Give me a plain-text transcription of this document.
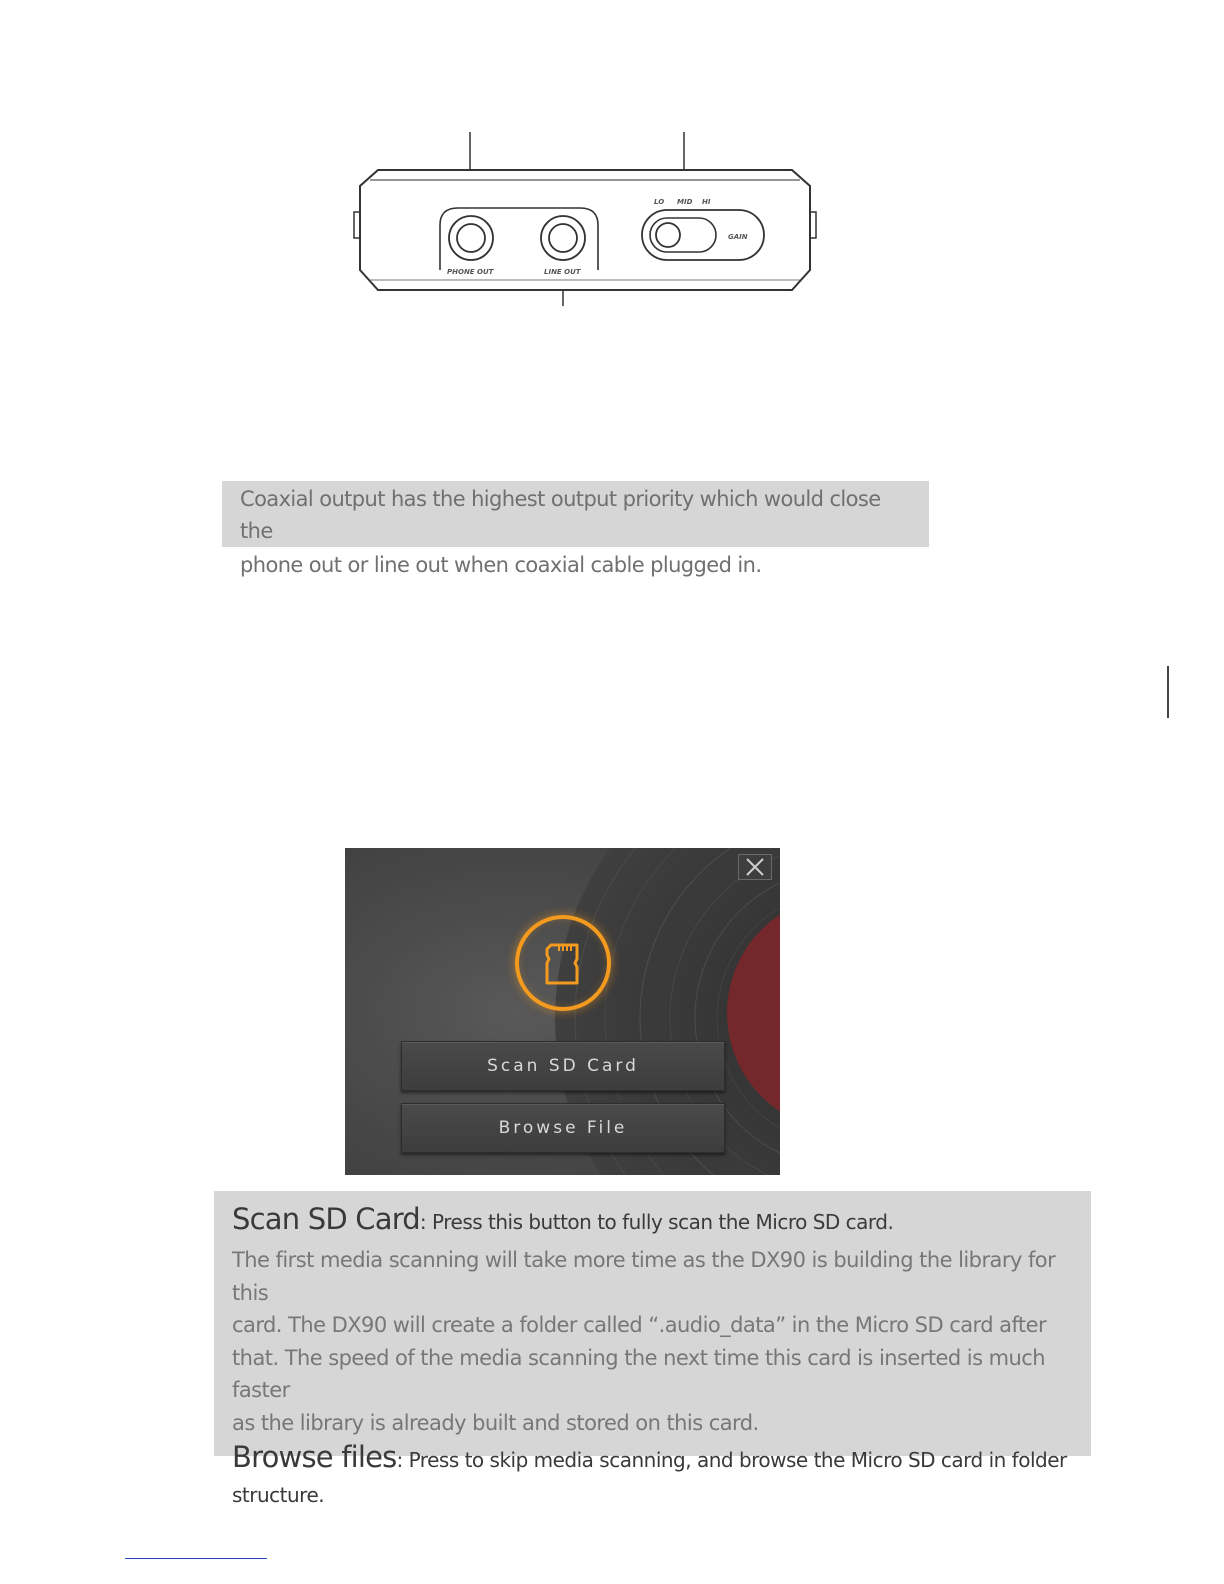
PHONE OUT	LINE OUT
LO MID HI
GAIN

Coaxial output has the highest output priority which would close the

phone out or line out when coaxial cable plugged in.

Scan SD Card
Browse File

Scan SD Card: Press this button to fully scan the Micro SD card.

The first media scanning will take more time as the DX90 is building the library for this

card. The DX90 will create a folder called “.audio_data” in the Micro SD card after

that. The speed of the media scanning the next time this card is inserted is much faster

as the library is already built and stored on this card.

Browse files: Press to skip media scanning, and browse the Micro SD card in folder

structure.
